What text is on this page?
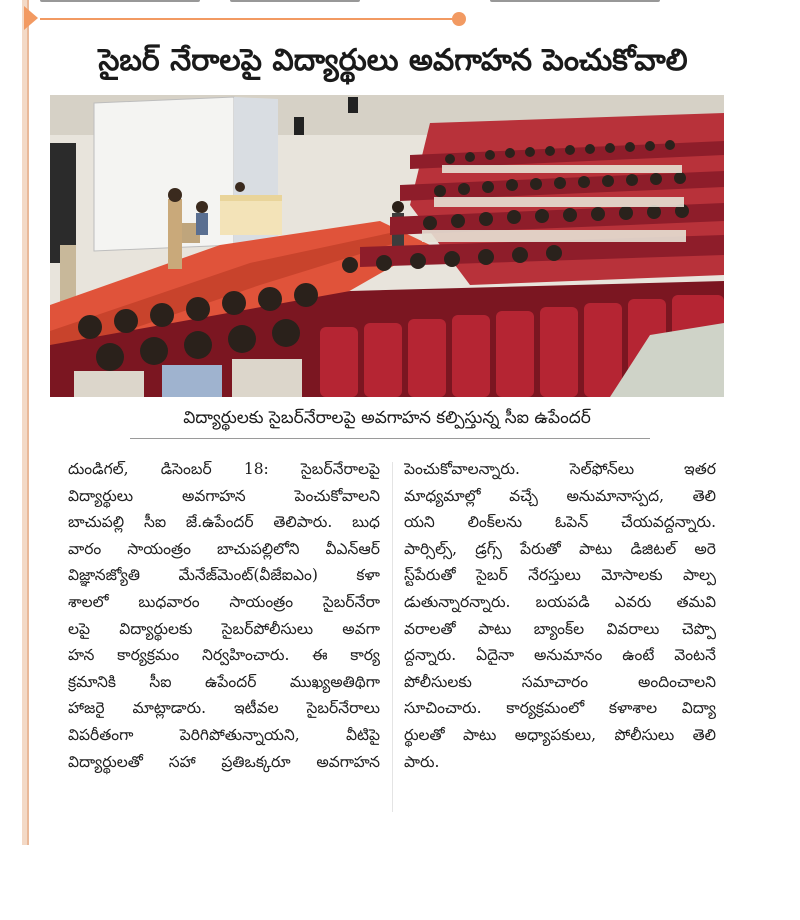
సైబర్ నేరాలపై విద్యార్థులు అవగాహన పెంచుకోవాలి
విద్యార్థులకు సైబర్‌నేరాలపై అవగాహన కల్పిస్తున్న సీఐ ఉపేందర్
దుండిగల్, డిసెంబర్ 18: సైబర్‌నేరాలపై
విద్యార్థులు అవగాహన పెంచుకోవాలని
బాచుపల్లి సీఐ జే.ఉపేందర్ తెలిపారు. బుధ
వారం సాయంత్రం బాచుపల్లిలోని వీఎన్ఆర్
విజ్ఞానజ్యోతి మేనేజ్‌మెంట్(వీజేఐఎం) కళా
శాలలో బుధవారం సాయంత్రం సైబర్‌నేరా
లపై విద్యార్థులకు సైబర్‌పోలీసులు అవగా
హన కార్యక్రమం నిర్వహించారు. ఈ కార్య
క్రమానికి సీఐ ఉపేందర్ ముఖ్యఅతిథిగా
హాజరై మాట్లాడారు. ఇటీవల సైబర్‌నేరాలు
విపరీతంగా పెరిగిపోతున్నాయని, వీటిపై
విద్యార్థులతో సహా ప్రతిఒక్కరూ అవగాహన
పెంచుకోవాలన్నారు. సెల్‌ఫోన్‌లు ఇతర
మాధ్యమాల్లో వచ్చే అనుమానాస్పద, తెలి
యని లింక్‌లను ఓపెన్ చేయవద్దన్నారు.
పార్సిల్స్, డ్రగ్స్ పేరుతో పాటు డిజిటల్ అరె
స్ట్‌పేరుతో సైబర్ నేరస్తులు మోసాలకు పాల్ప
డుతున్నారన్నారు. బయపడి ఎవరు తమవి
వరాలతో పాటు బ్యాంక్‌ల వివరాలు చెప్పొ
ద్దన్నారు. ఏదైనా అనుమానం ఉంటే వెంటనే
పోలీసులకు సమాచారం అందించాలని
సూచించారు. కార్యక్రమంలో కళాశాల విద్యా
ర్థులతో పాటు అధ్యాపకులు, పోలీసులు తెలి
పారు.
